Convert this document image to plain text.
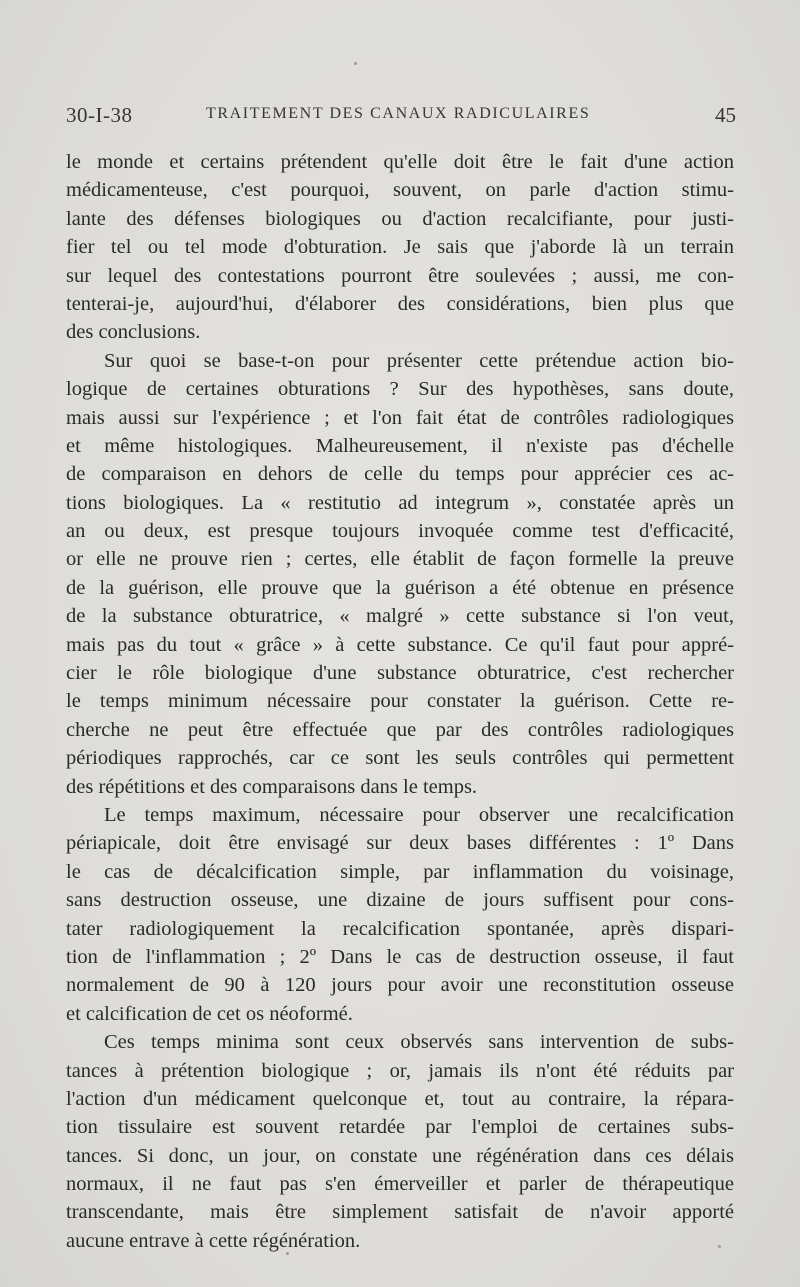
30-I-38	TRAITEMENT DES CANAUX RADICULAIRES	45
le monde et certains prétendent qu'elle doit être le fait d'une action
médicamenteuse, c'est pourquoi, souvent, on parle d'action stimu-
lante des défenses biologiques ou d'action recalcifiante, pour justi-
fier tel ou tel mode d'obturation. Je sais que j'aborde là un terrain
sur lequel des contestations pourront être soulevées ; aussi, me con-
tenterai-je, aujourd'hui, d'élaborer des considérations, bien plus que
des conclusions.
Sur quoi se base-t-on pour présenter cette prétendue action bio-
logique de certaines obturations ? Sur des hypothèses, sans doute,
mais aussi sur l'expérience ; et l'on fait état de contrôles radiologiques
et même histologiques. Malheureusement, il n'existe pas d'échelle
de comparaison en dehors de celle du temps pour apprécier ces ac-
tions biologiques. La « restitutio ad integrum », constatée après un
an ou deux, est presque toujours invoquée comme test d'efficacité,
or elle ne prouve rien ; certes, elle établit de façon formelle la preuve
de la guérison, elle prouve que la guérison a été obtenue en présence
de la substance obturatrice, « malgré » cette substance si l'on veut,
mais pas du tout « grâce » à cette substance. Ce qu'il faut pour appré-
cier le rôle biologique d'une substance obturatrice, c'est rechercher
le temps minimum nécessaire pour constater la guérison. Cette re-
cherche ne peut être effectuée que par des contrôles radiologiques
périodiques rapprochés, car ce sont les seuls contrôles qui permettent
des répétitions et des comparaisons dans le temps.
Le temps maximum, nécessaire pour observer une recalcification
périapicale, doit être envisagé sur deux bases différentes : 1º Dans
le cas de décalcification simple, par inflammation du voisinage,
sans destruction osseuse, une dizaine de jours suffisent pour cons-
tater radiologiquement la recalcification spontanée, après dispari-
tion de l'inflammation ; 2º Dans le cas de destruction osseuse, il faut
normalement de 90 à 120 jours pour avoir une reconstitution osseuse
et calcification de cet os néoformé.
Ces temps minima sont ceux observés sans intervention de subs-
tances à prétention biologique ; or, jamais ils n'ont été réduits par
l'action d'un médicament quelconque et, tout au contraire, la répara-
tion tissulaire est souvent retardée par l'emploi de certaines subs-
tances. Si donc, un jour, on constate une régénération dans ces délais
normaux, il ne faut pas s'en émerveiller et parler de thérapeutique
transcendante, mais être simplement satisfait de n'avoir apporté
aucune entrave à cette régénération.
